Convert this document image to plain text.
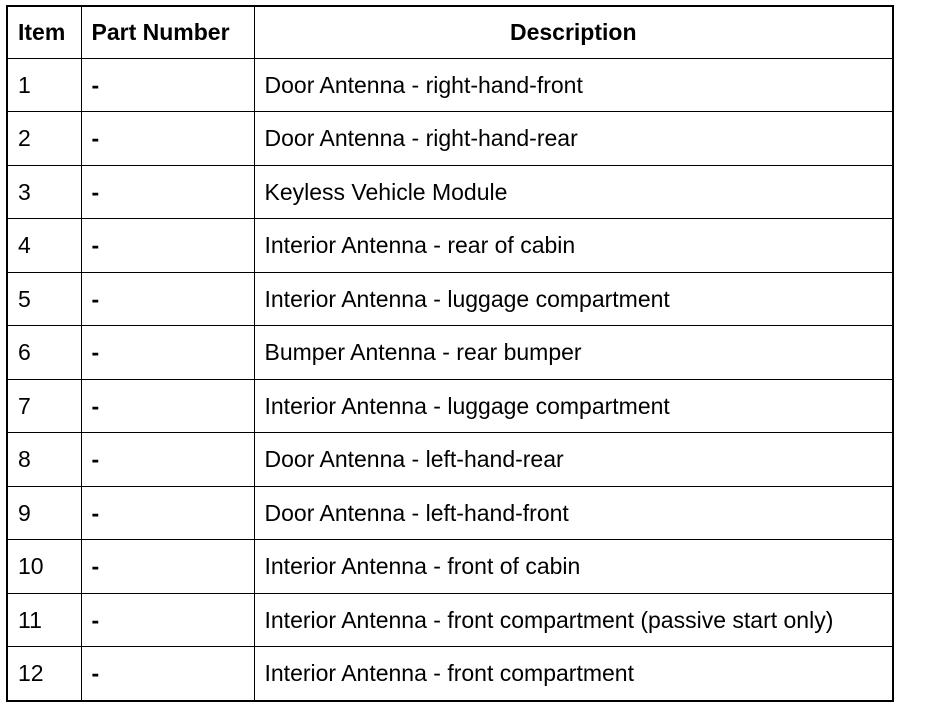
Item	Part Number	Description
1	-	Door Antenna - right-hand-front
2	-	Door Antenna - right-hand-rear
3	-	Keyless Vehicle Module
4	-	Interior Antenna - rear of cabin
5	-	Interior Antenna - luggage compartment
6	-	Bumper Antenna - rear bumper
7	-	Interior Antenna - luggage compartment
8	-	Door Antenna - left-hand-rear
9	-	Door Antenna - left-hand-front
10	-	Interior Antenna - front of cabin
11	-	Interior Antenna - front compartment (passive start only)
12	-	Interior Antenna - front compartment
